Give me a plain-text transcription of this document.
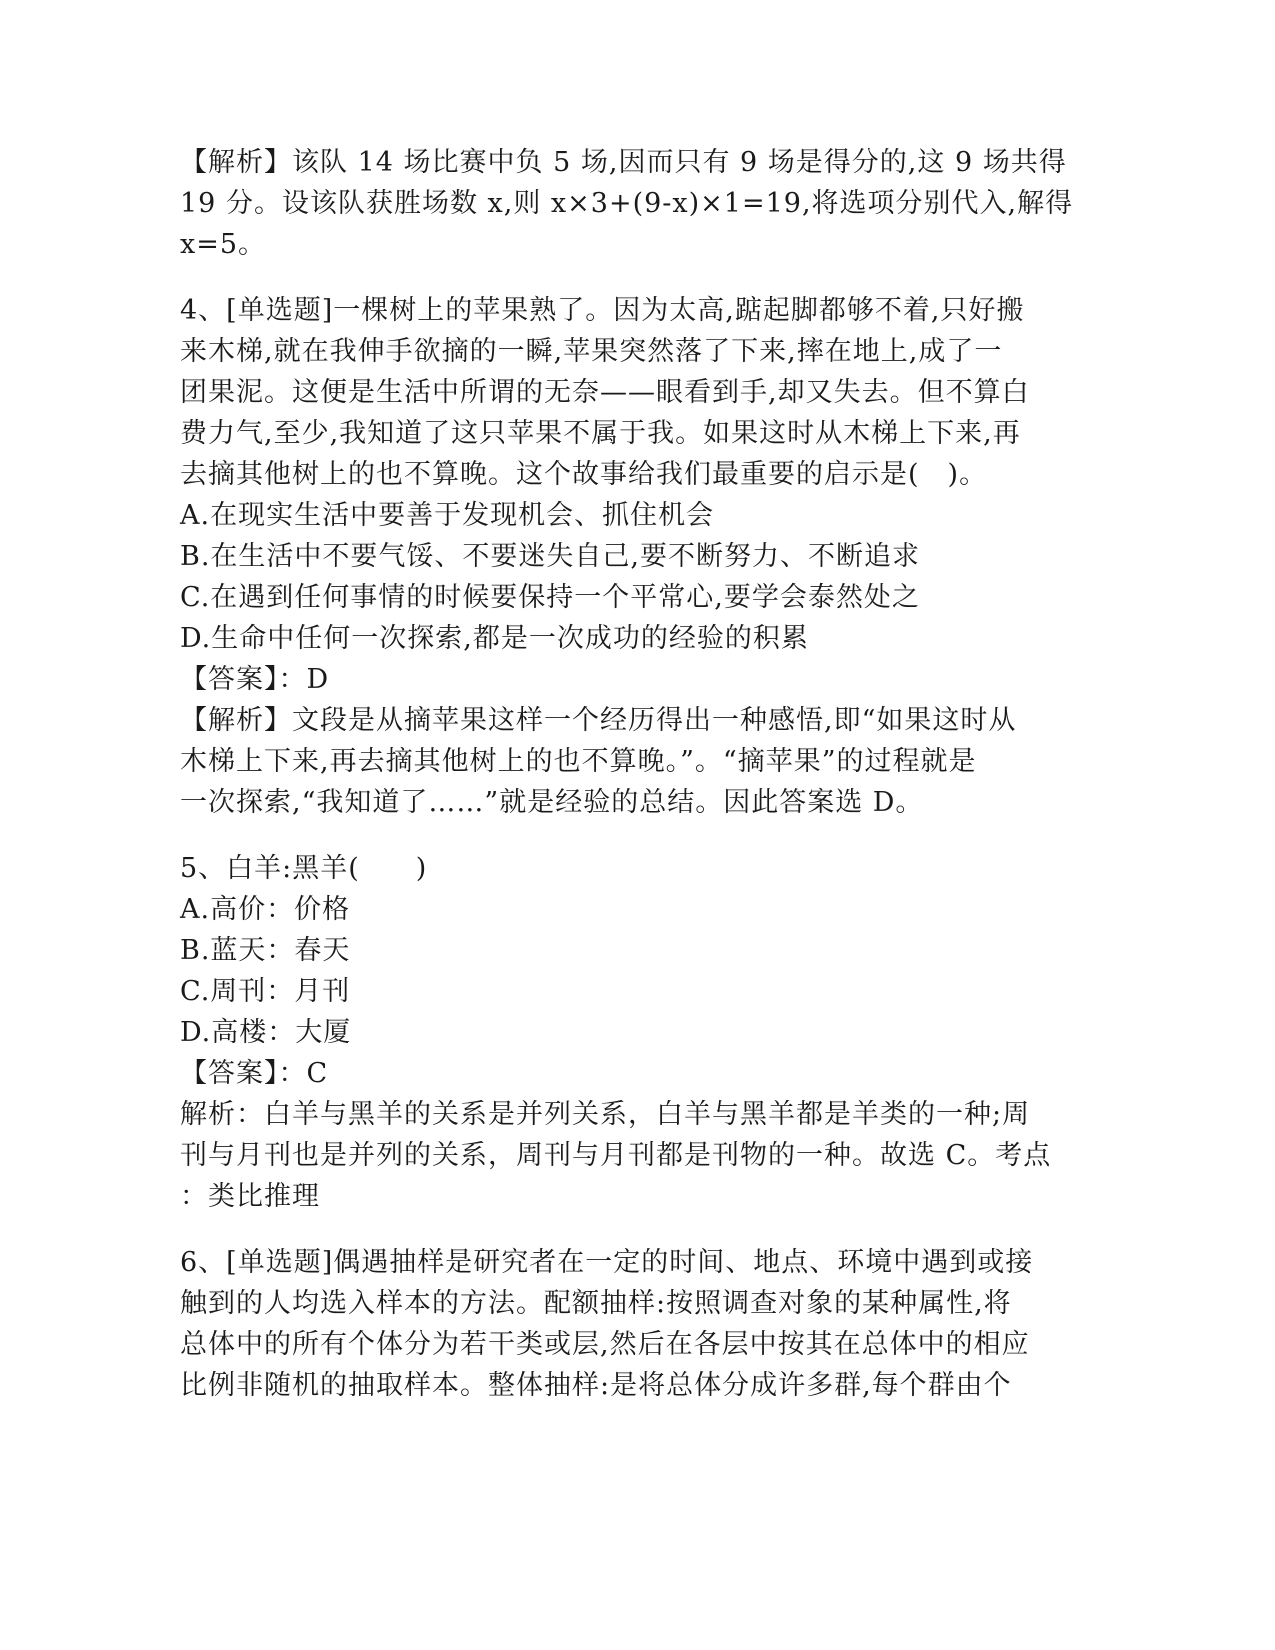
【解析】该队 14 场比赛中负 5 场,因而只有 9 场是得分的,这 9 场共得
19 分。设该队获胜场数 x,则 x×3+(9-x)×1=19,将选项分别代入,解得
x=5。
4、[单选题]一棵树上的苹果熟了。因为太高,踮起脚都够不着,只好搬
来木梯,就在我伸手欲摘的一瞬,苹果突然落了下来,摔在地上,成了一
团果泥。这便是生活中所谓的无奈——眼看到手,却又失去。但不算白
费力气,至少,我知道了这只苹果不属于我。如果这时从木梯上下来,再
去摘其他树上的也不算晚。这个故事给我们最重要的启示是(　)。
A.在现实生活中要善于发现机会、抓住机会
B.在生活中不要气馁、不要迷失自己,要不断努力、不断追求
C.在遇到任何事情的时候要保持一个平常心,要学会泰然处之
D.生命中任何一次探索,都是一次成功的经验的积累
【答案】：D
【解析】文段是从摘苹果这样一个经历得出一种感悟,即“如果这时从
木梯上下来,再去摘其他树上的也不算晚。”。“摘苹果”的过程就是
一次探索,“我知道了……”就是经验的总结。因此答案选 D。
5、白羊:黑羊(　　)
A.高价：价格
B.蓝天：春天
C.周刊：月刊
D.高楼：大厦
【答案】：C
解析：白羊与黑羊的关系是并列关系，白羊与黑羊都是羊类的一种;周
刊与月刊也是并列的关系，周刊与月刊都是刊物的一种。故选 C。考点
：类比推理
6、[单选题]偶遇抽样是研究者在一定的时间、地点、环境中遇到或接
触到的人均选入样本的方法。配额抽样:按照调查对象的某种属性,将
总体中的所有个体分为若干类或层,然后在各层中按其在总体中的相应
比例非随机的抽取样本。整体抽样:是将总体分成许多群,每个群由个
